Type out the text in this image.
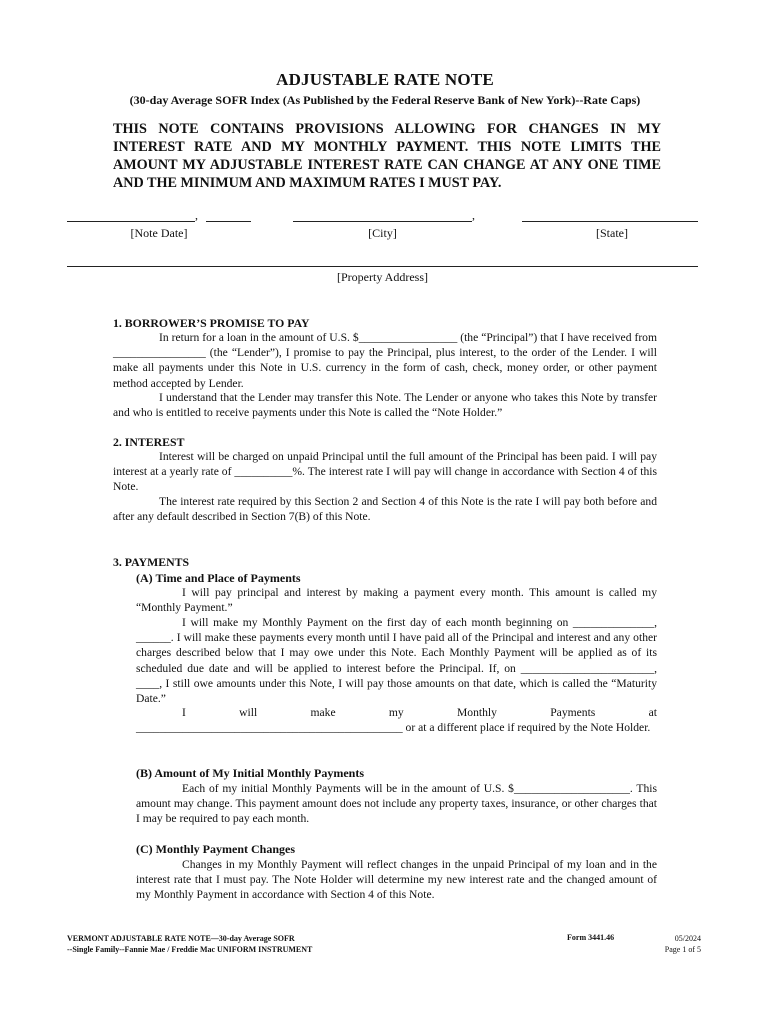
ADJUSTABLE RATE NOTE
(30-day Average SOFR Index (As Published by the Federal Reserve Bank of New York)--Rate Caps)
THIS NOTE CONTAINS PROVISIONS ALLOWING FOR CHANGES IN MY INTEREST RATE AND MY MONTHLY PAYMENT. THIS NOTE LIMITS THE AMOUNT MY ADJUSTABLE INTEREST RATE CAN CHANGE AT ANY ONE TIME AND THE MINIMUM AND MAXIMUM RATES I MUST PAY.
,
[Note Date]
,
[City]	[State]
[Property Address]
1. BORROWER’S PROMISE TO PAY
In return for a loan in the amount of U.S. $_________________ (the “Principal”) that I have received from ________________ (the “Lender”), I promise to pay the Principal, plus interest, to the order of the Lender. I will make all payments under this Note in U.S. currency in the form of cash, check, money order, or other payment method accepted by Lender.
I understand that the Lender may transfer this Note. The Lender or anyone who takes this Note by transfer and who is entitled to receive payments under this Note is called the “Note Holder.”
2. INTEREST
Interest will be charged on unpaid Principal until the full amount of the Principal has been paid. I will pay interest at a yearly rate of __________%. The interest rate I will pay will change in accordance with Section 4 of this Note.
The interest rate required by this Section 2 and Section 4 of this Note is the rate I will pay both before and after any default described in Section 7(B) of this Note.
3. PAYMENTS
(A) Time and Place of Payments
I will pay principal and interest by making a payment every month. This amount is called my “Monthly Payment.”
I will make my Monthly Payment on the first day of each month beginning on ______________, ______. I will make these payments every month until I have paid all of the Principal and interest and any other charges described below that I may owe under this Note. Each Monthly Payment will be applied as of its scheduled due date and will be applied to interest before the Principal. If, on _______________________, ____, I still owe amounts under this Note, I will pay those amounts on that date, which is called the “Maturity Date.”
I	will	make	my	Monthly	Payments	at
______________________________________________ or at a different place if required by the Note Holder.
(B) Amount of My Initial Monthly Payments
Each of my initial Monthly Payments will be in the amount of U.S. $____________________. This amount may change. This payment amount does not include any property taxes, insurance, or other charges that I may be required to pay each month.
(C) Monthly Payment Changes
Changes in my Monthly Payment will reflect changes in the unpaid Principal of my loan and in the interest rate that I must pay. The Note Holder will determine my new interest rate and the changed amount of my Monthly Payment in accordance with Section 4 of this Note.
VERMONT ADJUSTABLE RATE NOTE—30-day Average SOFR
--Single Family--Fannie Mae / Freddie Mac UNIFORM INSTRUMENT
Form 3441.46	05/2024
Page 1 of 5
